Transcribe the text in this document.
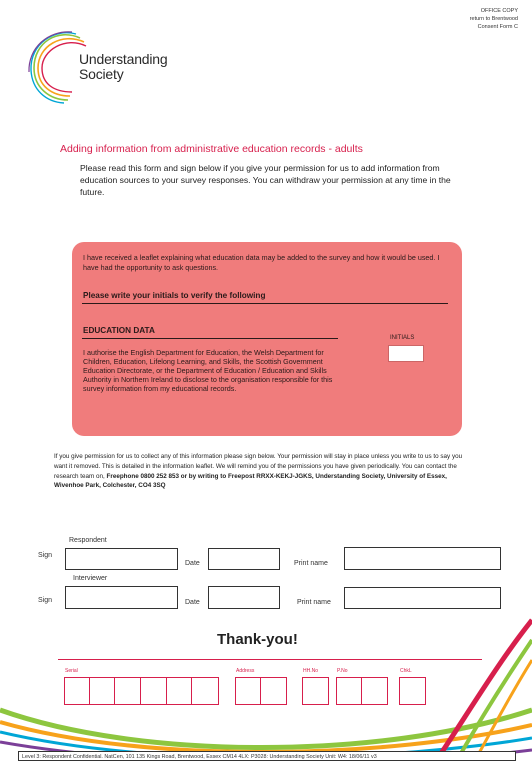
OFFICE COPY
return to Brentwood
Consent Form C
Understanding
Society
Adding information from administrative education records - adults
Please read this form and sign below if you give your permission for us to add information from education sources to your survey responses. You can withdraw your permission at any time in the future.
I have received a leaflet explaining what education data may be added to the survey and how it would be used. I have had the opportunity to ask questions.
Please write your initials to verify the following
EDUCATION DATA
I authorise the English Department for Education, the Welsh Department for Children, Education, Lifelong Learning, and Skills, the Scottish Government Education Directorate, or the Department of Education / Education and Skills Authority in Northern Ireland to disclose to the organisation responsible for this survey information from my educational records.
INITIALS
If you give permission for us to collect any of this information please sign below. Your permission will stay in place unless you write to us to say you want it removed. This is detailed in the information leaflet. We will remind you of the permissions you have given periodically. You can contact the research team on, Freephone 0800 252 853 or by writing to Freepost RRXX-KEKJ-JGKS, Understanding Society, University of Essex, Wivenhoe Park, Colchester, CO4 3SQ
Respondent
Sign
Date	Print name
Interviewer
Sign	Date	Print name
Thank-you!
Serial	Address	HH.No	P.No	ChkL
Level 3: Respondent Confidential. NatCen, 101 135 Kings Road, Brentwood, Essex CM14 4LX: P3028: Understanding Society Unit: W4: 18/06/11 v3
